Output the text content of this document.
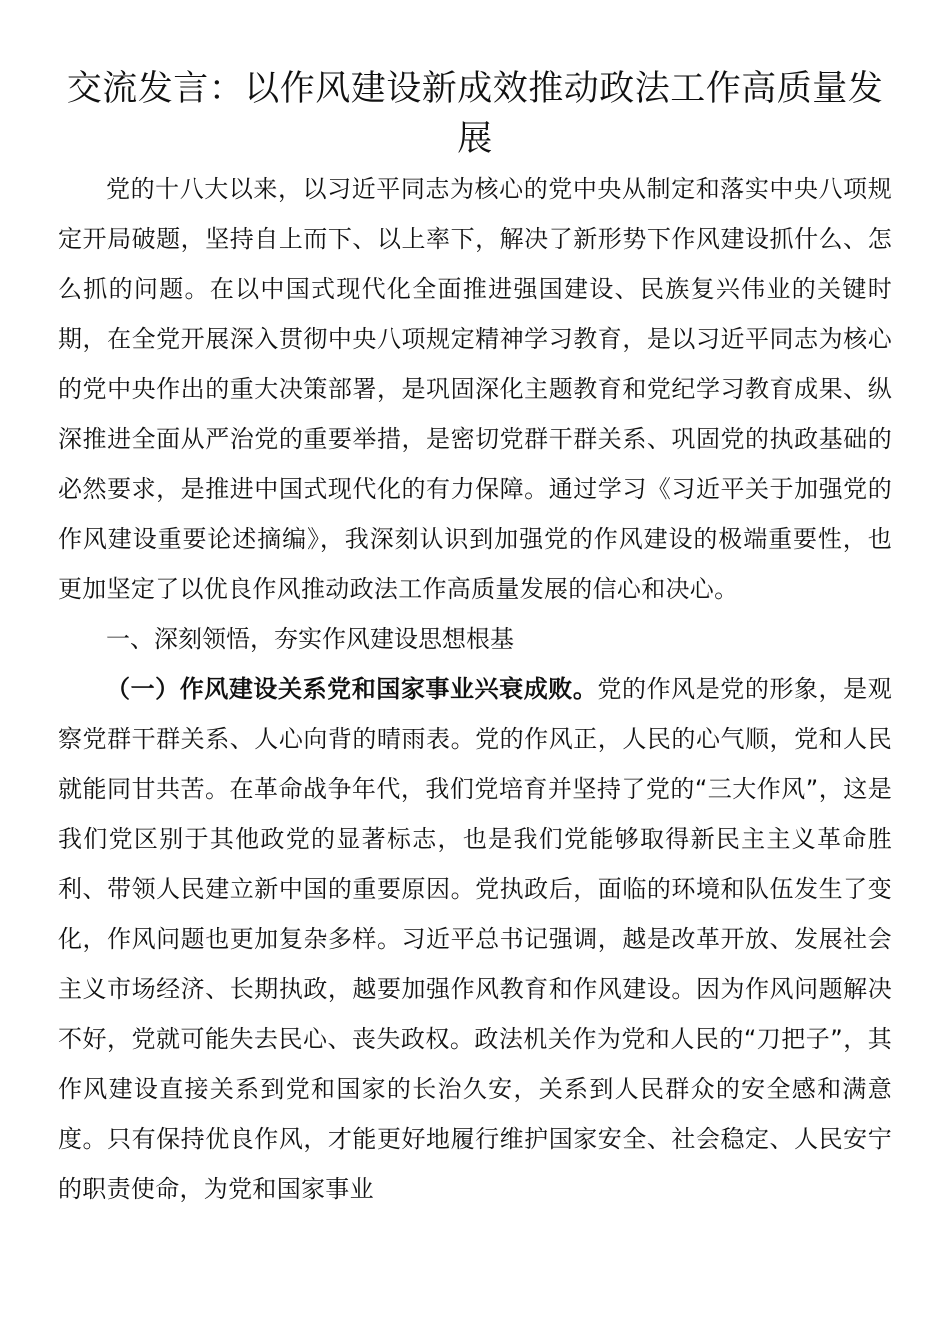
交流发言：以作风建设新成效推动政法工作高质量发展

党的十八大以来，以习近平同志为核心的党中央从制定和落实中央八项规定开局破题，坚持自上而下、以上率下，解决了新形势下作风建设抓什么、怎么抓的问题。在以中国式现代化全面推进强国建设、民族复兴伟业的关键时期，在全党开展深入贯彻中央八项规定精神学习教育，是以习近平同志为核心的党中央作出的重大决策部署，是巩固深化主题教育和党纪学习教育成果、纵深推进全面从严治党的重要举措，是密切党群干群关系、巩固党的执政基础的必然要求，是推进中国式现代化的有力保障。通过学习《习近平关于加强党的作风建设重要论述摘编》，我深刻认识到加强党的作风建设的极端重要性，也更加坚定了以优良作风推动政法工作高质量发展的信心和决心。

一、深刻领悟，夯实作风建设思想根基

（一）作风建设关系党和国家事业兴衰成败。党的作风是党的形象，是观察党群干群关系、人心向背的晴雨表。党的作风正，人民的心气顺，党和人民就能同甘共苦。在革命战争年代，我们党培育并坚持了党的“三大作风”，这是我们党区别于其他政党的显著标志，也是我们党能够取得新民主主义革命胜利、带领人民建立新中国的重要原因。党执政后，面临的环境和队伍发生了变化，作风问题也更加复杂多样。习近平总书记强调，越是改革开放、发展社会主义市场经济、长期执政，越要加强作风教育和作风建设。因为作风问题解决不好，党就可能失去民心、丧失政权。政法机关作为党和人民的“刀把子”，其作风建设直接关系到党和国家的长治久安，关系到人民群众的安全感和满意度。只有保持优良作风，才能更好地履行维护国家安全、社会稳定、人民安宁的职责使命，为党和国家事业
